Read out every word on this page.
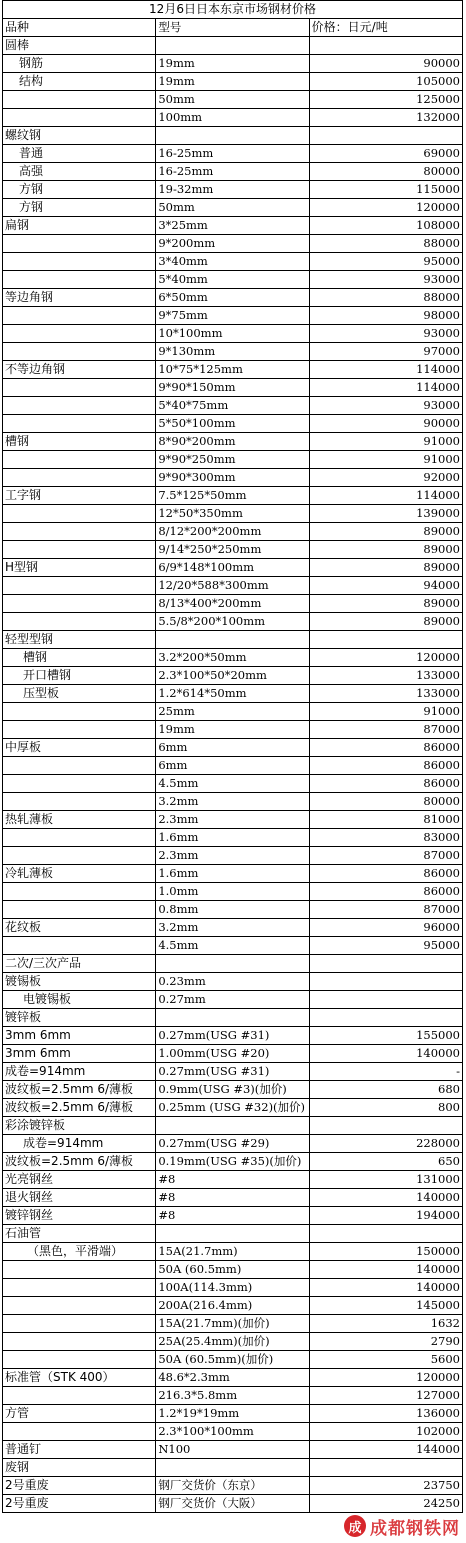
12月6日日本东京市场钢材价格		
品种	型号	价格：日元/吨
圆棒		
钢筋	19mm	90000
结构	19mm	105000
	50mm	125000
	100mm	132000
螺纹钢		
普通	16-25mm	69000
高强	16-25mm	80000
方钢	19-32mm	115000
方钢	50mm	120000
扁钢	3*25mm	108000
	9*200mm	88000
	3*40mm	95000
	5*40mm	93000
等边角钢	6*50mm	88000
	9*75mm	98000
	10*100mm	93000
	9*130mm	97000
不等边角钢	10*75*125mm	114000
	9*90*150mm	114000
	5*40*75mm	93000
	5*50*100mm	90000
槽钢	8*90*200mm	91000
	9*90*250mm	91000
	9*90*300mm	92000
工字钢	7.5*125*50mm	114000
	12*50*350mm	139000
	8/12*200*200mm	89000
	9/14*250*250mm	89000
H型钢	6/9*148*100mm	89000
	12/20*588*300mm	94000
	8/13*400*200mm	89000
	5.5/8*200*100mm	89000
轻型型钢		
槽钢	3.2*200*50mm	120000
开口槽钢	2.3*100*50*20mm	133000
压型板	1.2*614*50mm	133000
	25mm	91000
	19mm	87000
中厚板	6mm	86000
	6mm	86000
	4.5mm	86000
	3.2mm	80000
热轧薄板	2.3mm	81000
	1.6mm	83000
	2.3mm	87000
冷轧薄板	1.6mm	86000
	1.0mm	86000
	0.8mm	87000
花纹板	3.2mm	96000
	4.5mm	95000
二次/三次产品		
镀锡板	0.23mm	
电镀锡板	0.27mm	
镀锌板		
3mm 6mm	0.27mm(USG #31)	155000
3mm 6mm	1.00mm(USG #20)	140000
成卷=914mm	0.27mm(USG #31)	-
波纹板=2.5mm 6/薄板	0.9mm(USG #3)(加价)	680
波纹板=2.5mm 6/薄板	0.25mm (USG #32)(加价)	800
彩涂镀锌板		
成卷=914mm	0.27mm(USG #29)	228000
波纹板=2.5mm 6/薄板	0.19mm(USG #35)(加价)	650
光亮钢丝	#8	131000
退火钢丝	#8	140000
镀锌钢丝	#8	194000
石油管		
（黑色，平滑端）	15A(21.7mm)	150000
	50A (60.5mm)	140000
	100A(114.3mm)	140000
	200A(216.4mm)	145000
	15A(21.7mm)(加价)	1632
	25A(25.4mm)(加价)	2790
	50A (60.5mm)(加价)	5600
标准管（STK 400）	48.6*2.3mm	120000
	216.3*5.8mm	127000
方管	1.2*19*19mm	136000
	2.3*100*100mm	102000
普通钉	N100	144000
废钢		
2号重废	钢厂交货价（东京）	23750
2号重废	钢厂交货价（大阪）	24250
成 成都钢铁网
